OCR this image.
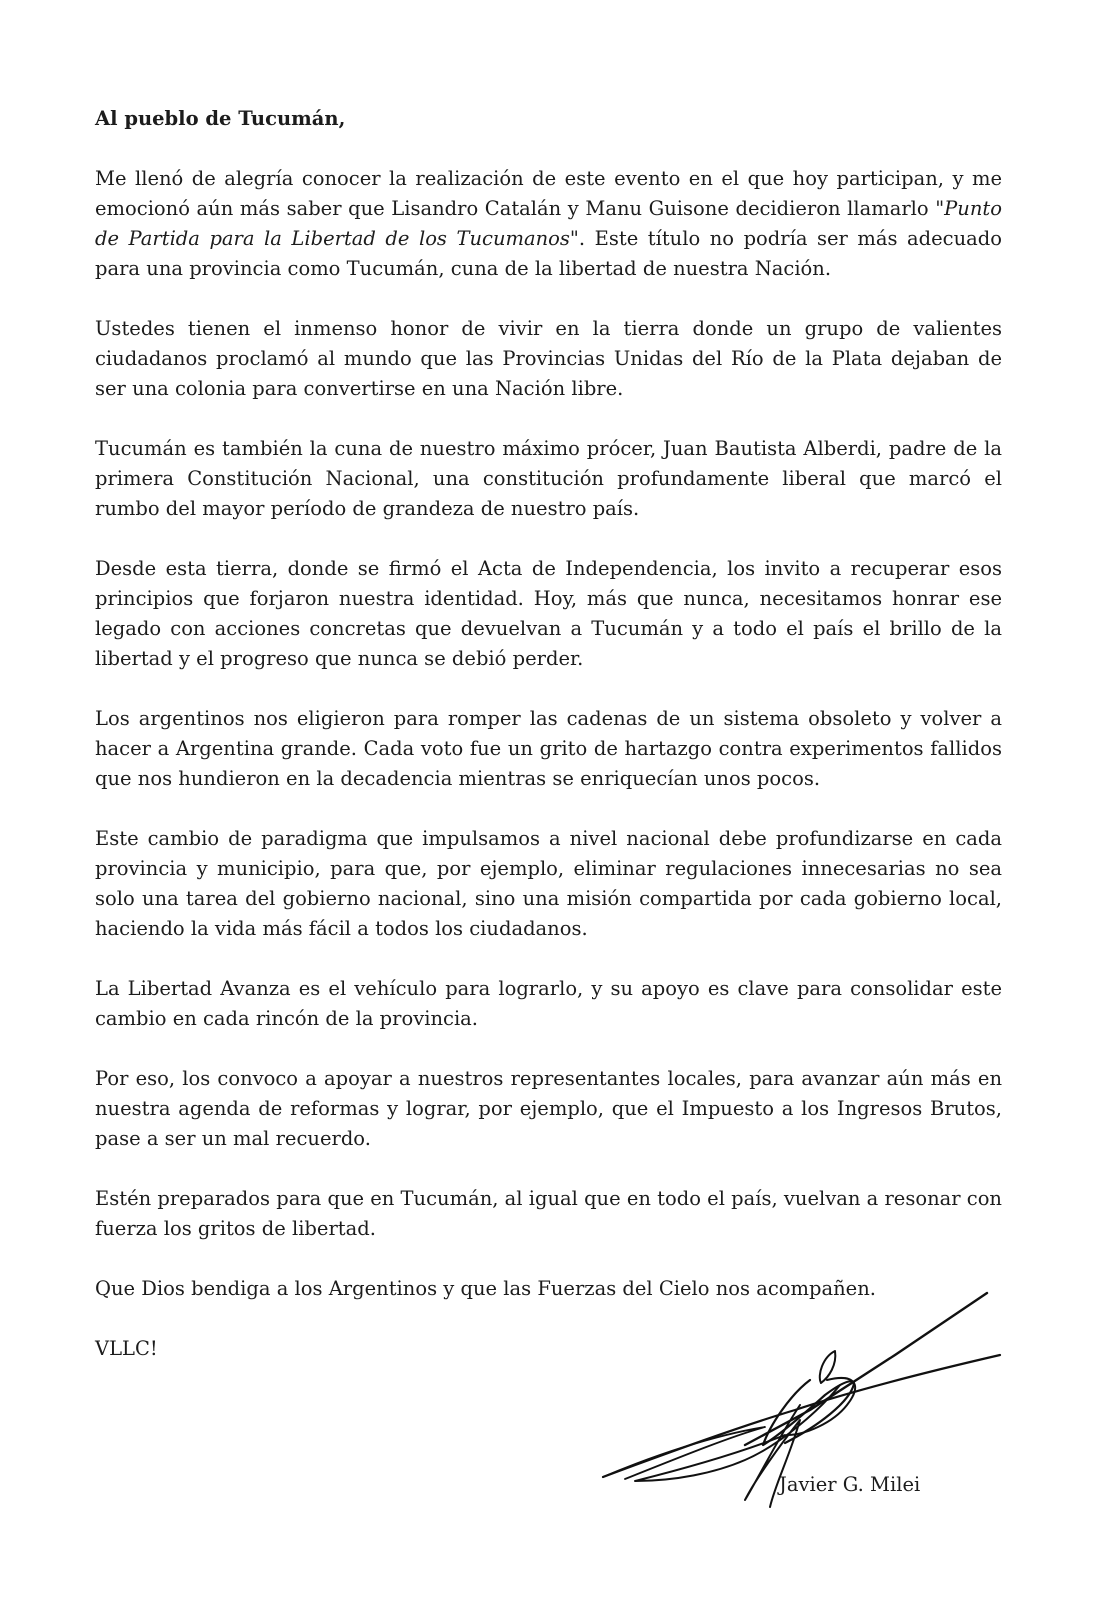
Al pueblo de Tucumán,

Me llenó de alegría conocer la realización de este evento en el que hoy participan, y me emocionó aún más saber que Lisandro Catalán y Manu Guisone decidieron llamarlo "Punto de Partida para la Libertad de los Tucumanos". Este título no podría ser más adecuado para una provincia como Tucumán, cuna de la libertad de nuestra Nación.

Ustedes tienen el inmenso honor de vivir en la tierra donde un grupo de valientes ciudadanos proclamó al mundo que las Provincias Unidas del Río de la Plata dejaban de ser una colonia para convertirse en una Nación libre.

Tucumán es también la cuna de nuestro máximo prócer, Juan Bautista Alberdi, padre de la primera Constitución Nacional, una constitución profundamente liberal que marcó el rumbo del mayor período de grandeza de nuestro país.

Desde esta tierra, donde se firmó el Acta de Independencia, los invito a recuperar esos principios que forjaron nuestra identidad. Hoy, más que nunca, necesitamos honrar ese legado con acciones concretas que devuelvan a Tucumán y a todo el país el brillo de la libertad y el progreso que nunca se debió perder.

Los argentinos nos eligieron para romper las cadenas de un sistema obsoleto y volver a hacer a Argentina grande. Cada voto fue un grito de hartazgo contra experimentos fallidos que nos hundieron en la decadencia mientras se enriquecían unos pocos.

Este cambio de paradigma que impulsamos a nivel nacional debe profundizarse en cada provincia y municipio, para que, por ejemplo, eliminar regulaciones innecesarias no sea solo una tarea del gobierno nacional, sino una misión compartida por cada gobierno local, haciendo la vida más fácil a todos los ciudadanos.

La Libertad Avanza es el vehículo para lograrlo, y su apoyo es clave para consolidar este cambio en cada rincón de la provincia.

Por eso, los convoco a apoyar a nuestros representantes locales, para avanzar aún más en nuestra agenda de reformas y lograr, por ejemplo, que el Impuesto a los Ingresos Brutos, pase a ser un mal recuerdo.

Estén preparados para que en Tucumán, al igual que en todo el país, vuelvan a resonar con fuerza los gritos de libertad.

Que Dios bendiga a los Argentinos y que las Fuerzas del Cielo nos acompañen.

VLLC!

Javier G. Milei
